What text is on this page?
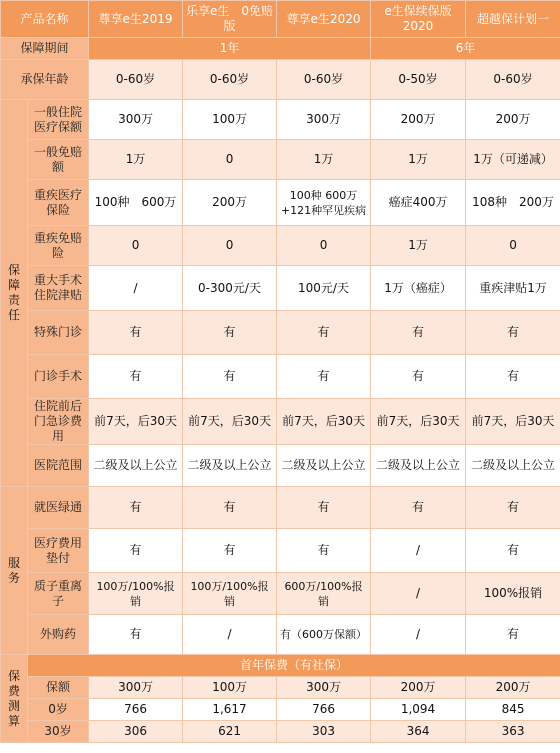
产品名称		尊享e生2019	乐享e生　0免赔版	尊享e生2020	e生保续保版2020	超越保计划一
保障期间		1年			6年	
承保年龄		0-60岁	0-60岁	0-60岁	0-50岁	0-60岁
保障责任	一般住院医疗保额	300万	100万	300万	200万	200万
	一般免赔额	1万	0	1万	1万	1万（可递减）
	重疾医疗保险	100种　600万	200万	100种 600万+121种罕见疾病	癌症400万	108种　200万
	重疾免赔险	0	0	0	1万	0
	重大手术住院津贴	/	0-300元/天	100元/天	1万（癌症）	重疾津贴1万
	特殊门诊	有	有	有	有	有
	门诊手术	有	有	有	有	有
	住院前后门急诊费用	前7天，后30天	前7天，后30天	前7天，后30天	前7天，后30天	前7天，后30天
	医院范围	二级及以上公立	二级及以上公立	二级及以上公立	二级及以上公立	二级及以上公立
服务	就医绿通	有	有	有	有	有
	医疗费用垫付	有	有	有	/	有
	质子重离子	100万/100%报销	100万/100%报销	600万/100%报销	/	100%报销
	外购药	有	/	有（600万保额）	/	有
保费测算	首年保费（有社保）					
	保额	300万	100万	300万	200万	200万
	0岁	766	1,617	766	1,094	845
	30岁	306	621	303	364	363
